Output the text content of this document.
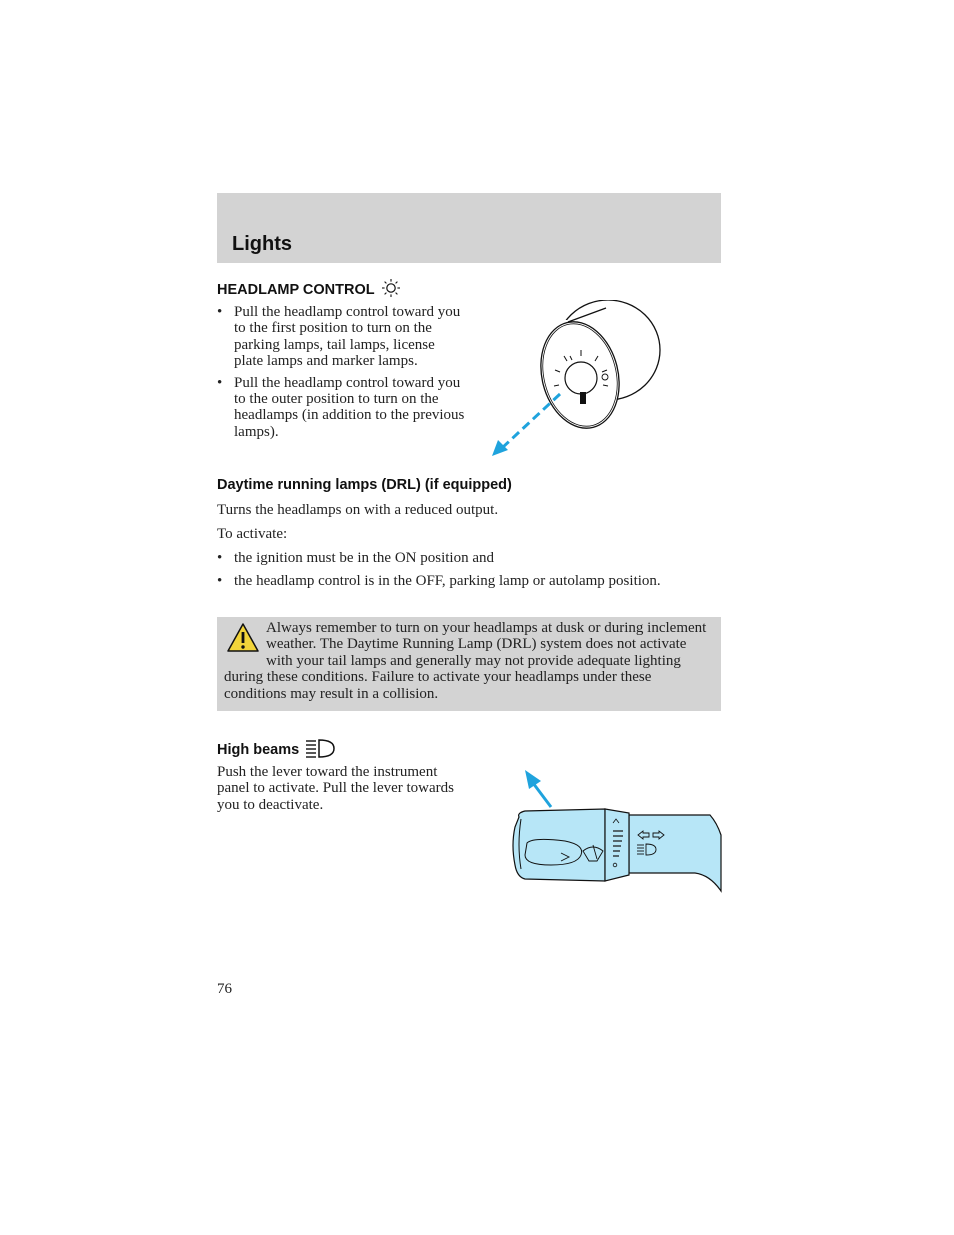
Lights
HEADLAMP CONTROL
• Pull the headlamp control toward you to the first position to turn on the parking lamps, tail lamps, license plate lamps and marker lamps.
• Pull the headlamp control toward you to the outer position to turn on the headlamps (in addition to the previous lamps).
Daytime running lamps (DRL) (if equipped)

Turns the headlamps on with a reduced output.

To activate:

• the ignition must be in the ON position and
• the headlamp control is in the OFF, parking lamp or autolamp position.

Always remember to turn on your headlamps at dusk or during inclement weather. The Daytime Running Lamp (DRL) system does not activate with your tail lamps and generally may not provide adequate lighting during these conditions. Failure to activate your headlamps under these conditions may result in a collision.

High beams

Push the lever toward the instrument panel to activate. Pull the lever towards you to deactivate.

76
